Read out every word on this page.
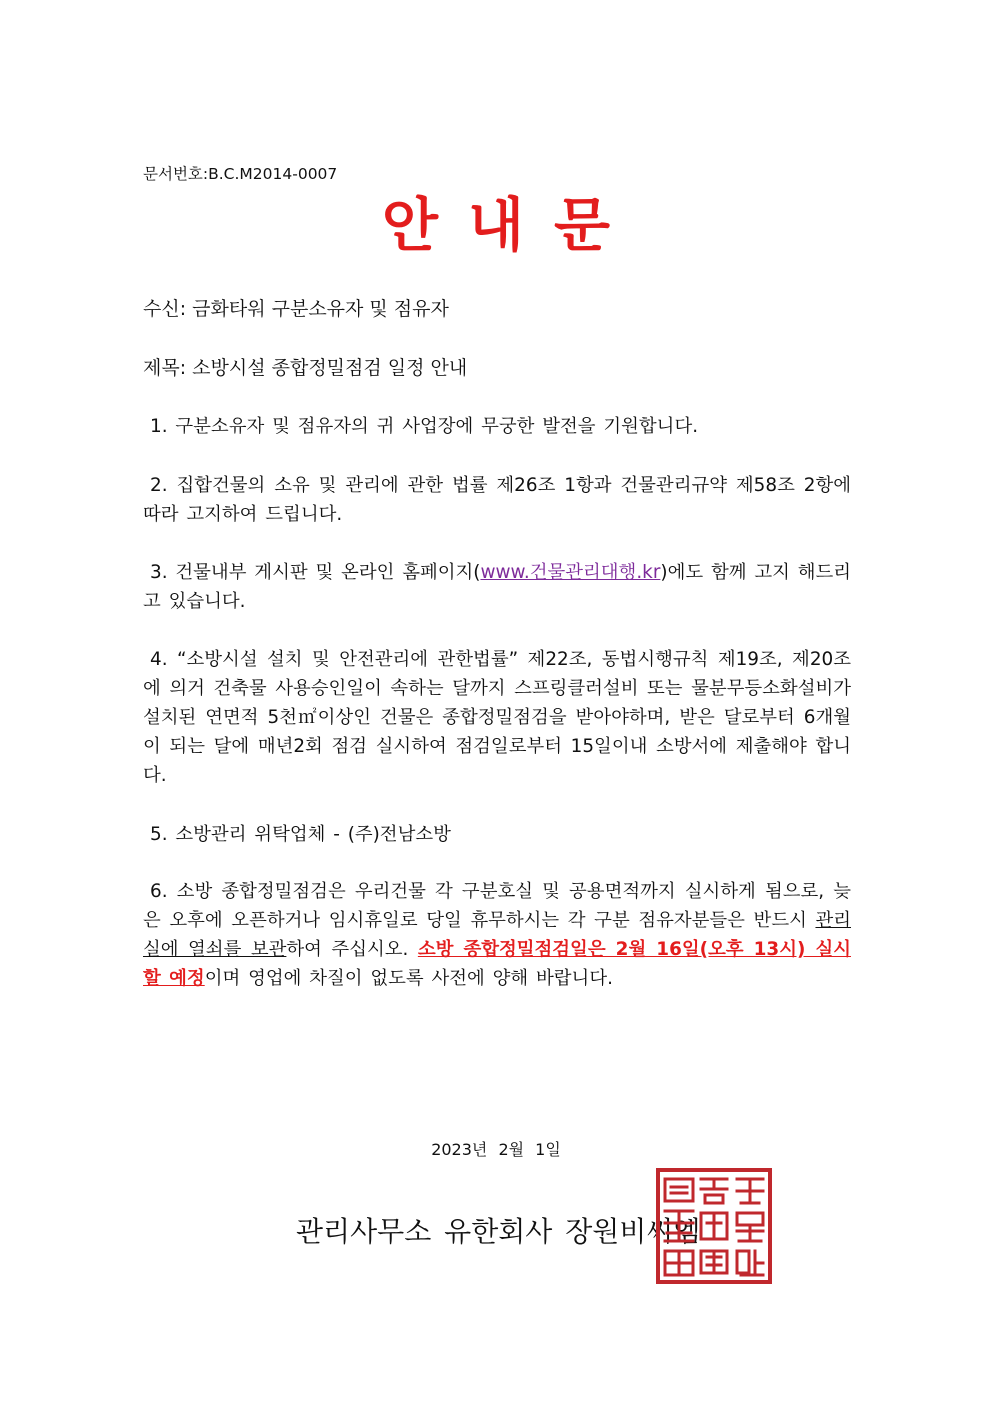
문서번호:B.C.M2014-0007
안내문
수신: 금화타워 구분소유자 및 점유자
제목: 소방시설 종합정밀점검 일정 안내
1. 구분소유자 및 점유자의 귀 사업장에 무궁한 발전을 기원합니다.
2. 집합건물의 소유 및 관리에 관한 법률 제26조 1항과 건물관리규약 제58조 2항에 따라 고지하여 드립니다.
3. 건물내부 게시판 및 온라인 홈페이지(www.건물관리대행.kr)에도 함께 고지 해드리고 있습니다.
4. “소방시설 설치 및 안전관리에 관한법률” 제22조, 동법시행규칙 제19조, 제20조에 의거 건축물 사용승인일이 속하는 달까지 스프링클러설비 또는 물분무등소화설비가 설치된 연면적 5천㎡이상인 건물은 종합정밀점검을 받아야하며, 받은 달로부터 6개월이 되는 달에 매년2회 점검 실시하여 점검일로부터 15일이내 소방서에 제출해야 합니다.
5. 소방관리 위탁업체 - (주)전남소방
6. 소방 종합정밀점검은 우리건물 각 구분호실 및 공용면적까지 실시하게 됨으로, 늦은 오후에 오픈하거나 임시휴일로 당일 휴무하시는 각 구분 점유자분들은 반드시 관리실에 열쇠를 보관하여 주십시오. 소방 종합정밀점검일은 2월 16일(오후 13시) 실시할 예정이며 영업에 차질이 없도록 사전에 양해 바랍니다.
2023년 2월 1일
관리사무소 유한회사 장원비씨엠
